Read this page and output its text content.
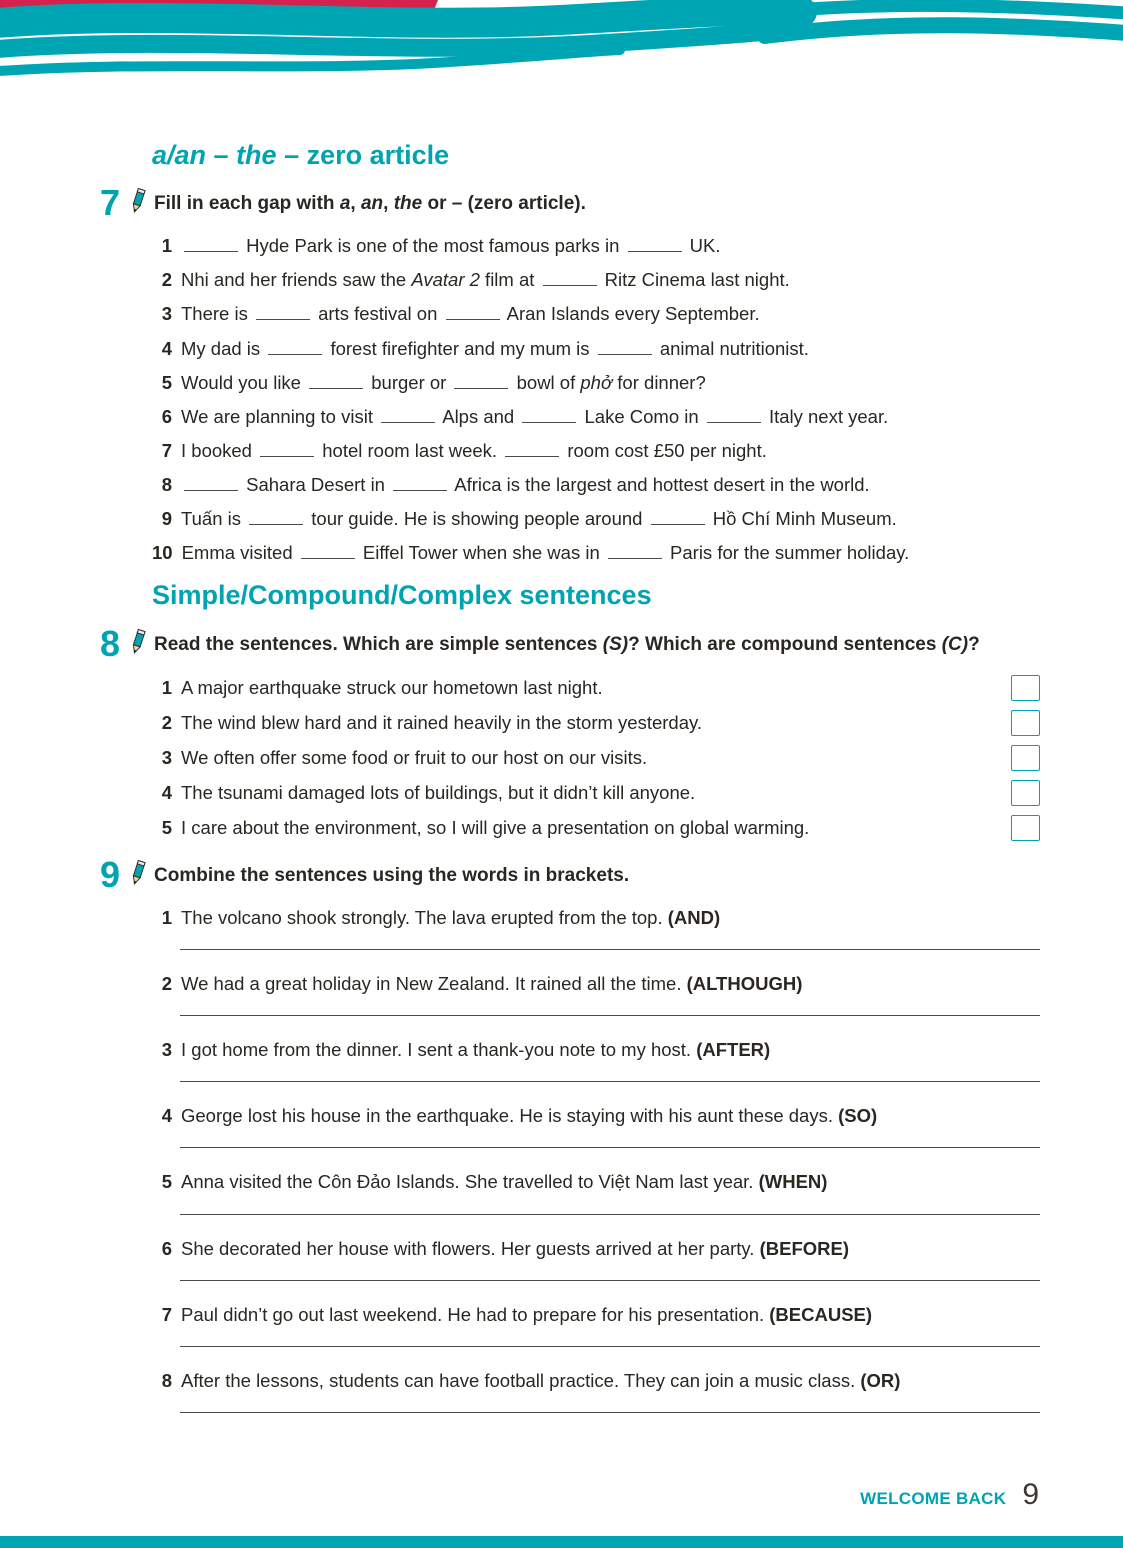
a/an – the – zero article
7	Fill in each gap with a, an, the or – (zero article).

1	Hyde Park is one of the most famous parks in	UK.
2 Nhi and her friends saw the Avatar 2 film at	Ritz Cinema last night.
3 There is	arts festival on	Aran Islands every September.
4 My dad is	forest firefighter and my mum is	animal nutritionist.
5 Would you like	burger or	bowl of phở for dinner?
6 We are planning to visit	Alps and	Lake Como in	Italy next year.
7 I booked	hotel room last week.	room cost £50 per night.
8	Sahara Desert in	Africa is the largest and hottest desert in the world.
9 Tuấn is	tour guide. He is showing people around	Hồ Chí Minh Museum.
10 Emma visited	Eiffel Tower when she was in	Paris for the summer holiday.
Simple/Compound/Complex sentences
8	Read the sentences. Which are simple sentences (S)? Which are compound sentences (C)?

1 A major earthquake struck our hometown last night.
2 The wind blew hard and it rained heavily in the storm yesterday.
3 We often offer some food or fruit to our host on our visits.
4 The tsunami damaged lots of buildings, but it didn’t kill anyone.
5 I care about the environment, so I will give a presentation on global warming.
9	Combine the sentences using the words in brackets.

1 The volcano shook strongly. The lava erupted from the top. (AND)
2 We had a great holiday in New Zealand. It rained all the time. (ALTHOUGH)
3 I got home from the dinner. I sent a thank-you note to my host. (AFTER)
4 George lost his house in the earthquake. He is staying with his aunt these days. (SO)
5 Anna visited the Côn Đảo Islands. She travelled to Việt Nam last year. (WHEN)
6 She decorated her house with flowers. Her guests arrived at her party. (BEFORE)
7 Paul didn’t go out last weekend. He had to prepare for his presentation. (BECAUSE)
8 After the lessons, students can have football practice. They can join a music class. (OR)
WELCOME BACK 9
